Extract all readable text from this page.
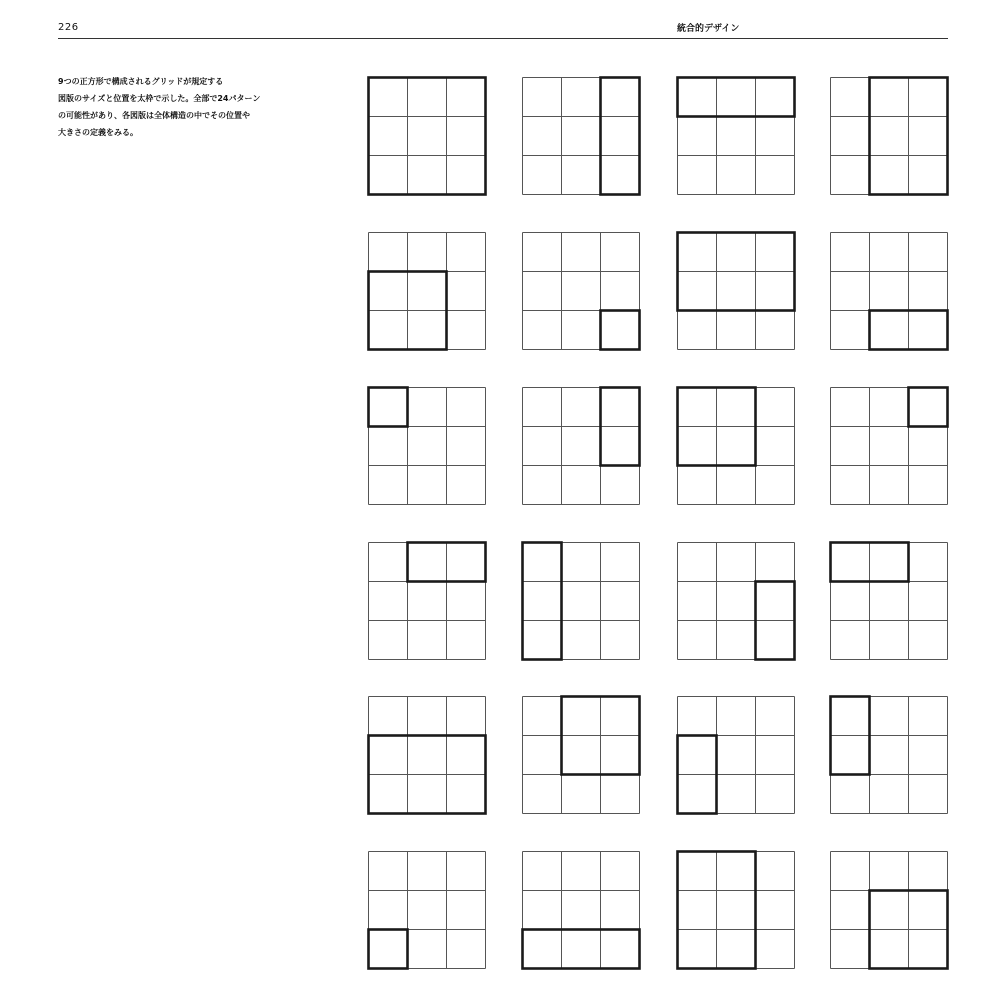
226	統合的デザイン

9つの正方形で構成されるグリッドが規定する
図版のサイズと位置を太枠で示した。全部で24パターン
の可能性があり、各図版は全体構造の中でその位置や
大きさの定義をみる。
